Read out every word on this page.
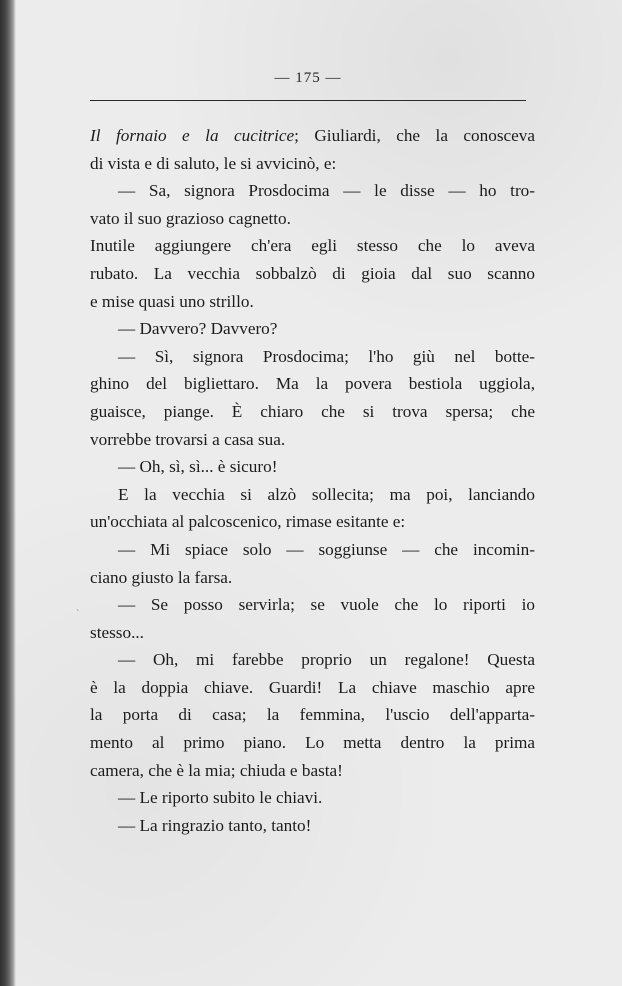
— 175 —
Il fornaio e la cucitrice; Giuliardi, che la conosceva
di vista e di saluto, le si avvicinò, e:
— Sa, signora Prosdocima — le disse — ho tro-
vato il suo grazioso cagnetto.
Inutile aggiungere ch'era egli stesso che lo aveva
rubato. La vecchia sobbalzò di gioia dal suo scanno
e mise quasi uno strillo.
— Davvero? Davvero?
— Sì, signora Prosdocima; l'ho giù nel botte-
ghino del bigliettaro. Ma la povera bestiola uggiola,
guaisce, piange. È chiaro che si trova spersa; che
vorrebbe trovarsi a casa sua.
— Oh, sì, sì... è sicuro!
E la vecchia si alzò sollecita; ma poi, lanciando
un'occhiata al palcoscenico, rimase esitante e:
— Mi spiace solo — soggiunse — che incomin-
ciano giusto la farsa.
— Se posso servirla; se vuole che lo riporti io
stesso...
— Oh, mi farebbe proprio un regalone! Questa
è la doppia chiave. Guardi! La chiave maschio apre
la porta di casa; la femmina, l'uscio dell'apparta-
mento al primo piano. Lo metta dentro la prima
camera, che è la mia; chiuda e basta!
— Le riporto subito le chiavi.
— La ringrazio tanto, tanto!
`
